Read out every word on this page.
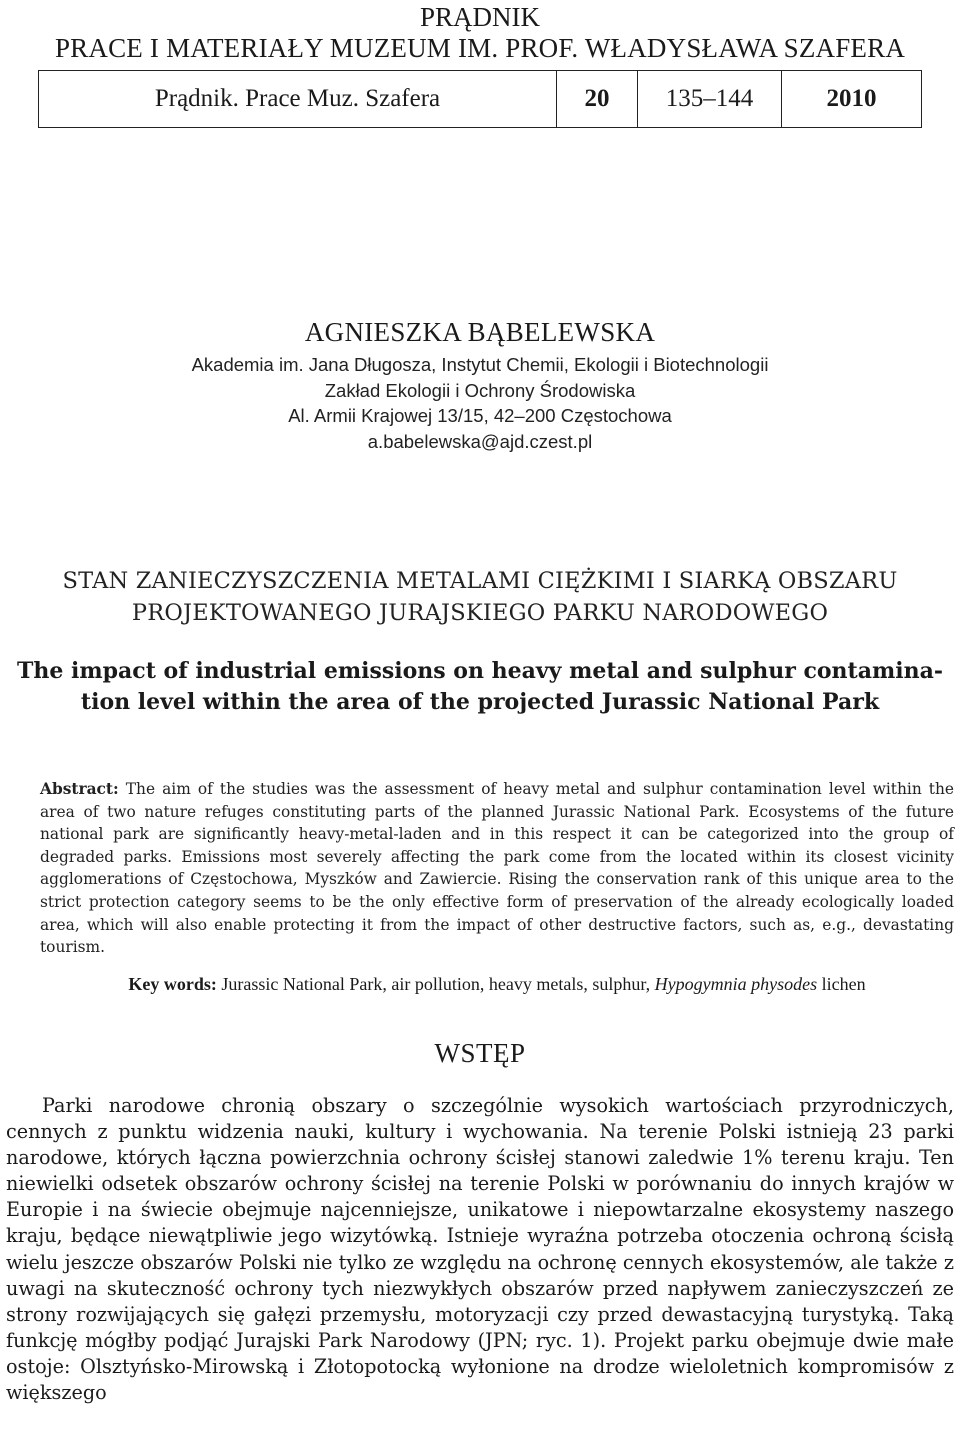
PRĄDNIK
PRACE I MATERIAŁY MUZEUM IM. PROF. WŁADYSŁAWA SZAFERA
Prądnik. Prace Muz. Szafera	20	135–144	2010
AGNIESZKA BĄBELEWSKA
Akademia im. Jana Długosza, Instytut Chemii, Ekologii i Biotechnologii
Zakład Ekologii i Ochrony Środowiska
Al. Armii Krajowej 13/15, 42–200 Częstochowa
a.babelewska@ajd.czest.pl
STAN ZANIECZYSZCZENIA METALAMI CIĘŻKIMI I SIARKĄ OBSZARU
PROJEKTOWANEGO JURAJSKIEGO PARKU NARODOWEGO
The impact of industrial emissions on heavy metal and sulphur contamina-
tion level within the area of the projected Jurassic National Park
Abstract: The aim of the studies was the assessment of heavy metal and sulphur contamination level within the area of two nature refuges constituting parts of the planned Jurassic National Park. Ecosystems of the future national park are significantly heavy-metal-laden and in this respect it can be categorized into the group of degraded parks. Emissions most severely affecting the park come from the located within its closest vicinity agglomerations of Częstochowa, Myszków and Zawiercie. Rising the conservation rank of this unique area to the strict protection category seems to be the only effective form of preservation of the already ecologically loaded area, which will also enable protecting it from the impact of other destructive factors, such as, e.g., devastating tourism.
Key words: Jurassic National Park, air pollution, heavy metals, sulphur, Hypogymnia physodes lichen
WSTĘP
Parki narodowe chronią obszary o szczególnie wysokich wartościach przyrodniczych, cennych z punktu widzenia nauki, kultury i wychowania. Na terenie Polski istnieją 23 parki narodowe, których łączna powierzchnia ochrony ścisłej stanowi zaledwie 1% terenu kraju. Ten niewielki odsetek obszarów ochrony ścisłej na terenie Polski w porównaniu do innych krajów w Europie i na świecie obejmuje najcenniejsze, unikatowe i niepowtarzalne ekosystemy naszego kraju, będące niewątpliwie jego wizytówką. Istnieje wyraźna potrzeba otoczenia ochroną ścisłą wielu jeszcze obszarów Polski nie tylko ze względu na ochronę cennych ekosystemów, ale także z uwagi na skuteczność ochrony tych niezwykłych obszarów przed napływem zanieczyszczeń ze strony rozwijających się gałęzi przemysłu, motoryzacji czy przed dewastacyjną turystyką. Taką funkcję mógłby podjąć Jurajski Park Narodowy (JPN; ryc. 1). Projekt parku obejmuje dwie małe ostoje: Olsztyńsko-Mirowską i Złotopotocką wyłonione na drodze wieloletnich kompromisów z większego
